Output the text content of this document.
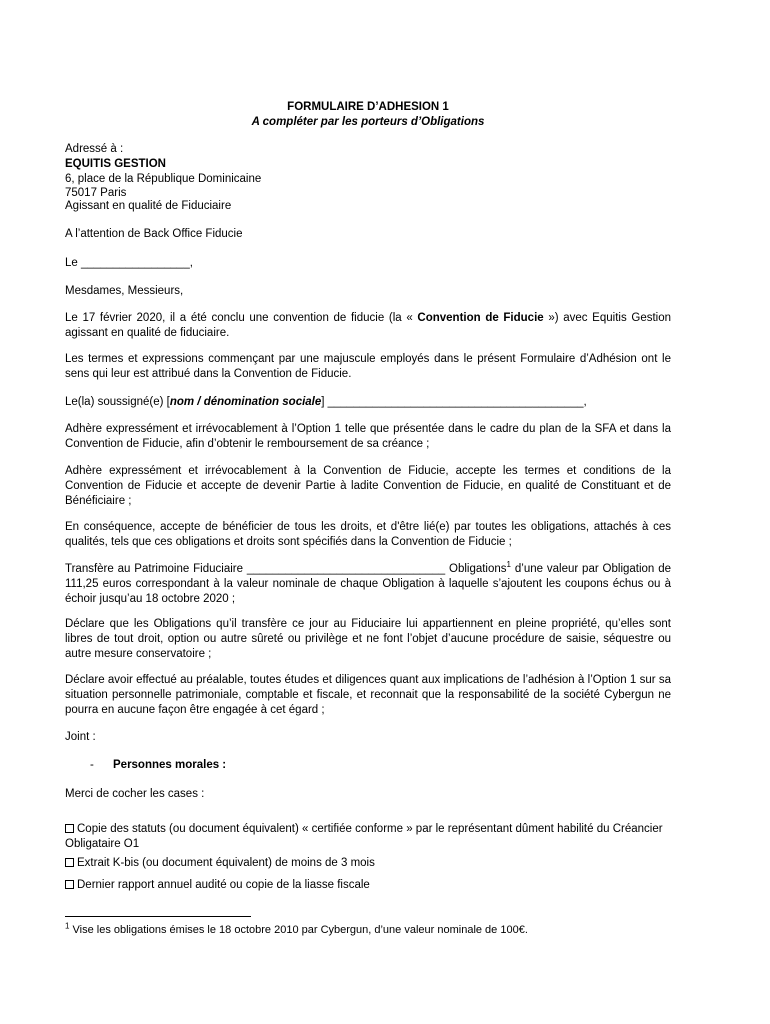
FORMULAIRE D’ADHESION 1

A compléter par les porteurs d’Obligations

Adressé à :

EQUITIS GESTION

6, place de la République Dominicaine

75017 Paris

Agissant en qualité de Fiduciaire

A l’attention de Back Office Fiducie

Le _________________,

Mesdames, Messieurs,

Le 17 février 2020, il a été conclu une convention de fiducie (la « Convention de Fiducie ») avec Equitis Gestion agissant en qualité de fiduciaire.

Les termes et expressions commençant par une majuscule employés dans le présent Formulaire d’Adhésion ont le sens qui leur est attribué dans la Convention de Fiducie.

Le(la) soussigné(e) [nom / dénomination sociale] ________________________________________,

Adhère expressément et irrévocablement à l’Option 1 telle que présentée dans le cadre du plan de la SFA et dans la Convention de Fiducie, afin d’obtenir le remboursement de sa créance ;

Adhère expressément et irrévocablement à la Convention de Fiducie, accepte les termes et conditions de la Convention de Fiducie et accepte de devenir Partie à ladite Convention de Fiducie, en qualité de Constituant et de Bénéficiaire ;

En conséquence, accepte de bénéficier de tous les droits, et d'être lié(e) par toutes les obligations, attachés à ces qualités, tels que ces obligations et droits sont spécifiés dans la Convention de Fiducie ;

Transfère au Patrimoine Fiduciaire _______________________________ Obligations$^1$ d’une valeur par Obligation de 111,25 euros correspondant à la valeur nominale de chaque Obligation à laquelle s’ajoutent les coupons échus ou à échoir jusqu’au 18 octobre 2020 ;

Déclare que les Obligations qu’il transfère ce jour au Fiduciaire lui appartiennent en pleine propriété, qu’elles sont libres de tout droit, option ou autre sûreté ou privilège et ne font l’objet d’aucune procédure de saisie, séquestre ou autre mesure conservatoire ;

Déclare avoir effectué au préalable, toutes études et diligences quant aux implications de l’adhésion à l’Option 1 sur sa situation personnelle patrimoniale, comptable et fiscale, et reconnait que la responsabilité de la société Cybergun ne pourra en aucune façon être engagée à cet égard ;

Joint :

- Personnes morales :

Merci de cocher les cases :

Copie des statuts (ou document équivalent) « certifiée conforme » par le représentant dûment habilité du Créancier Obligataire O1

Extrait K-bis (ou document équivalent) de moins de 3 mois

Dernier rapport annuel audité ou copie de la liasse fiscale

$^1$ Vise les obligations émises le 18 octobre 2010 par Cybergun, d’une valeur nominale de 100€.
